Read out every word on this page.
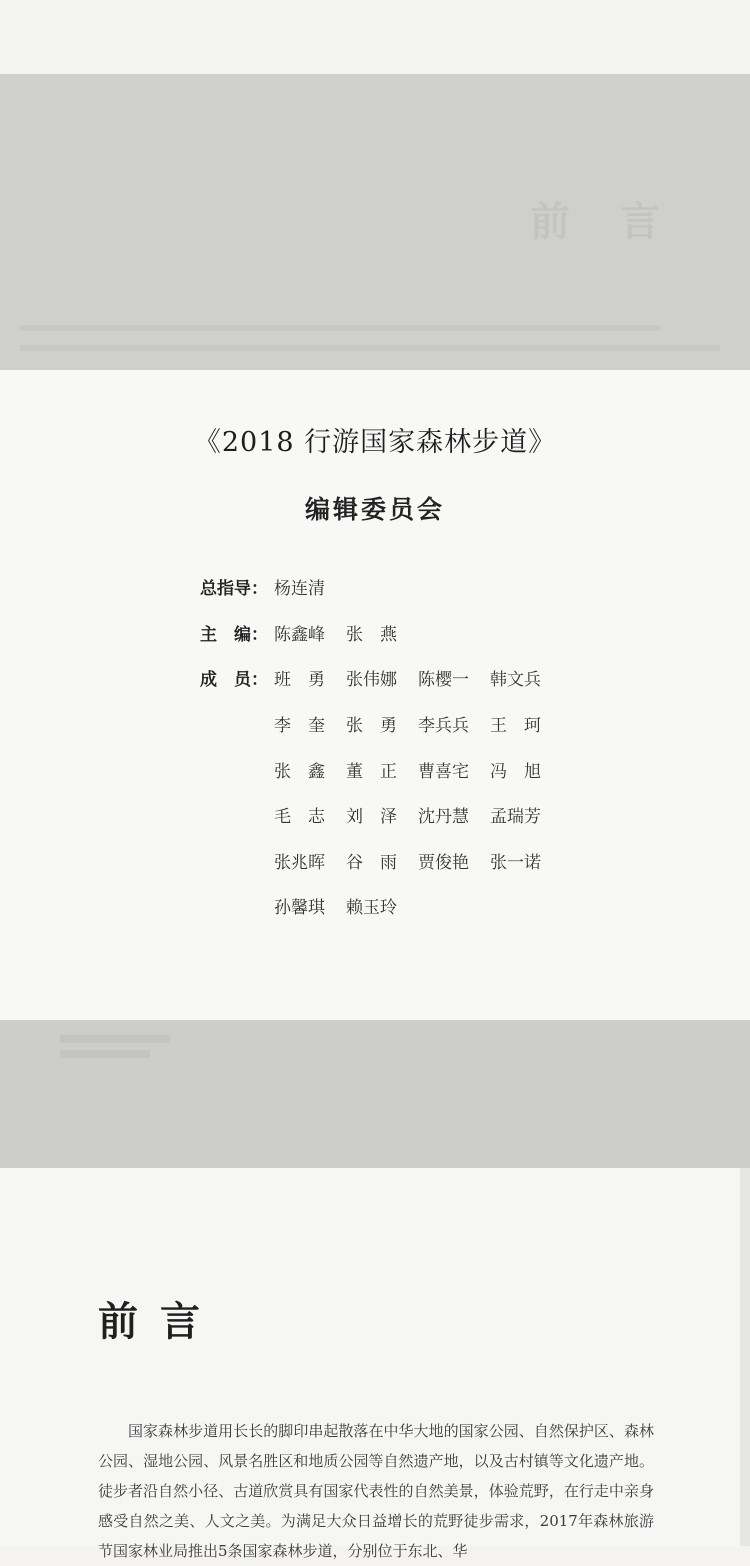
前 言
《2018 行游国家森林步道》
编辑委员会
总指导： 杨连清
主　编： 陈鑫峰 张　燕
成　员： 班　勇 张伟娜 陈樱一 韩文兵
李　奎 张　勇 李兵兵 王　珂
张　鑫 董　正 曹喜宅 冯　旭
毛　志 刘　泽 沈丹慧 孟瑞芳
张兆晖 谷　雨 贾俊艳 张一诺
孙馨琪 赖玉玲
前言
国家森林步道用长长的脚印串起散落在中华大地的国家公园、自然保护区、森林公园、湿地公园、风景名胜区和地质公园等自然遗产地，以及古村镇等文化遗产地。徒步者沿自然小径、古道欣赏具有国家代表性的自然美景，体验荒野，在行走中亲身感受自然之美、人文之美。为满足大众日益增长的荒野徒步需求，2017年森林旅游节国家林业局推出5条国家森林步道，分别位于东北、华
